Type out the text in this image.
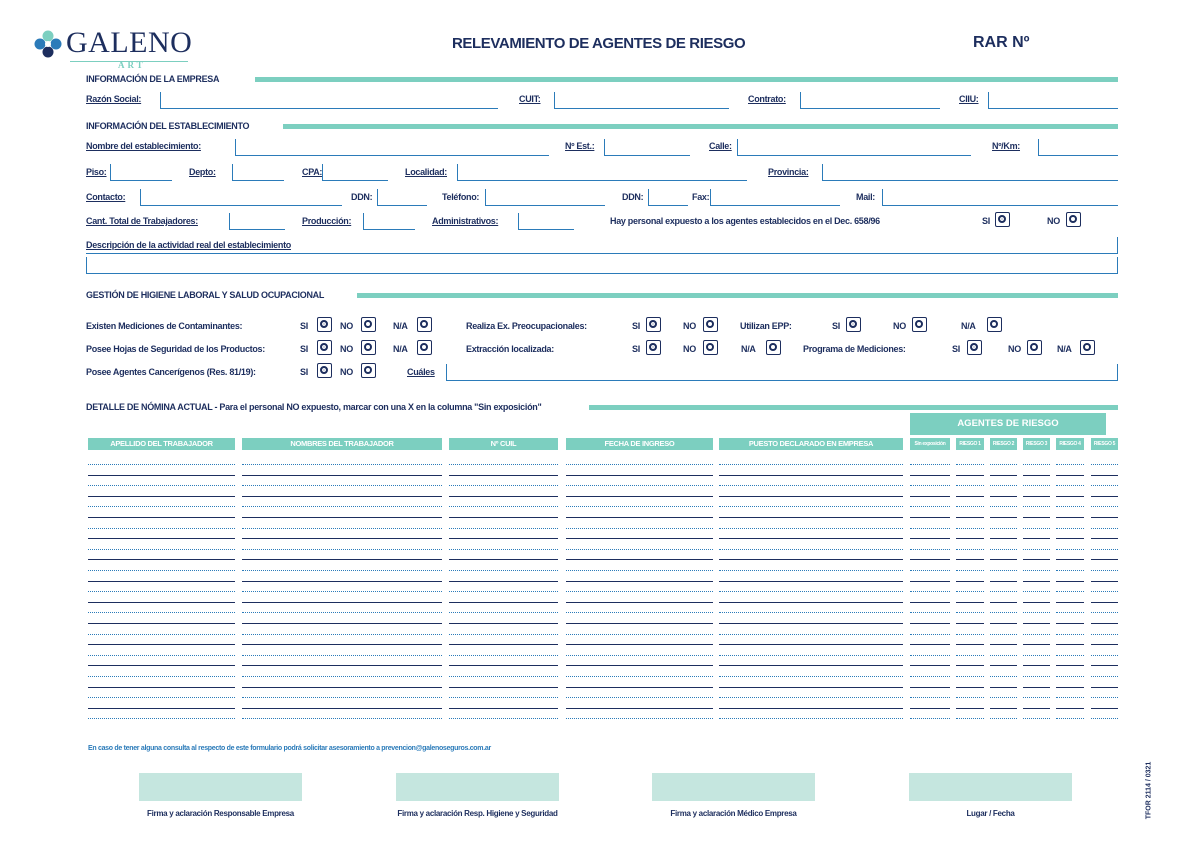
GALENO
ART
RELEVAMIENTO DE AGENTES DE RIESGO	RAR Nº
INFORMACIÓN DE LA EMPRESA
Razón Social:	CUIT:	Contrato:	CIIU:
INFORMACIÓN DEL ESTABLECIMIENTO
Nombre del establecimiento:	Nº Est.:	Calle:	Nº/Km:
Piso:	Depto:	CPA:	Localidad:	Provincia:
Contacto:	DDN:	Teléfono:	DDN:	Fax:	Mail:
Cant. Total de Trabajadores:	Producción:	Administrativos:	Hay personal expuesto a los agentes establecidos en el Dec. 658/96	SI	NO
Descripción de la actividad real del establecimiento
GESTIÓN DE HIGIENE LABORAL Y SALUD OCUPACIONAL
Existen Mediciones de Contaminantes:	SI	NO	N/A	Realiza Ex. Preocupacionales:	SI	NO	Utilizan EPP:	SI	NO	N/A
Posee Hojas de Seguridad de los Productos:	SI	NO	N/A	Extracción localizada:	SI	NO	N/A	Programa de Mediciones:	SI	NO	N/A
Posee Agentes Cancerígenos (Res. 81/19):	SI	NO	Cuáles
DETALLE DE NÓMINA ACTUAL - Para el personal NO expuesto, marcar con una X en la columna "Sin exposición"
AGENTES DE RIESGO
APELLIDO DEL TRABAJADOR	NOMBRES DEL TRABAJADOR	Nº CUIL	FECHA DE INGRESO	PUESTO DECLARADO EN EMPRESA	Sin exposición	RIESGO 1	RIESGO 2	RIESGO 3	RIESGO 4	RIESGO 5
En caso de tener alguna consulta al respecto de este formulario podrá solicitar asesoramiento a prevencion@galenoseguros.com.ar
Firma y aclaración Responsable Empresa	Firma y aclaración Resp. Higiene y Seguridad	Firma y aclaración Médico Empresa	Lugar / Fecha	TFOR 2114 / 0321
